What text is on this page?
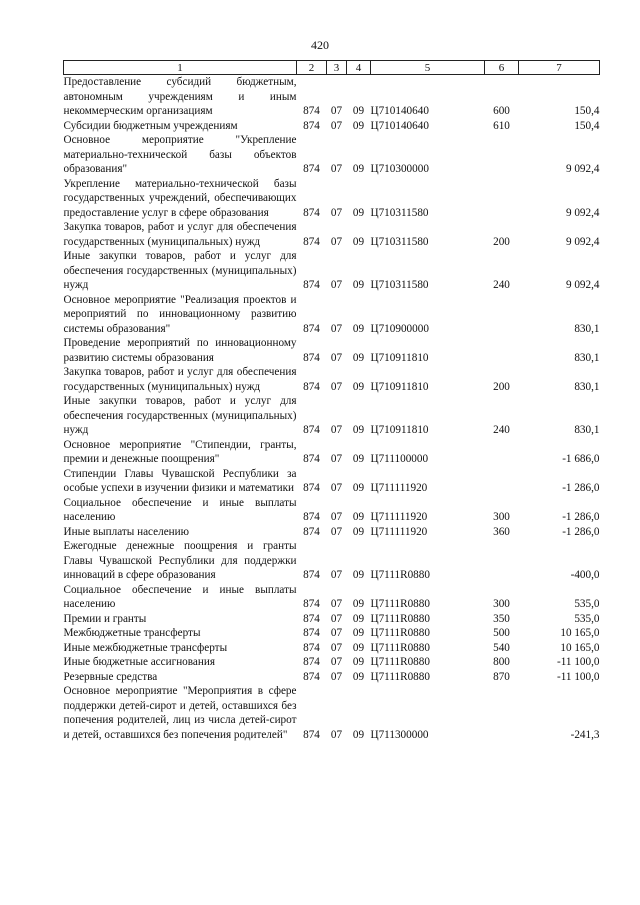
420
1	2	3	4	5	6	7
Предоставление субсидий бюджетным, автономным учреждениям и иным некоммерческим организациям	874	07	09	Ц710140640	600	150,4
Субсидии бюджетным учреждениям	874	07	09	Ц710140640	610	150,4
Основное мероприятие "Укрепление материально-технической базы объектов образования"	874	07	09	Ц710300000		9 092,4
Укрепление материально-технической базы государственных учреждений, обеспечивающих предоставление услуг в сфере образования	874	07	09	Ц710311580		9 092,4
Закупка товаров, работ и услуг для обеспечения государственных (муниципальных) нужд	874	07	09	Ц710311580	200	9 092,4
Иные закупки товаров, работ и услуг для обеспечения государственных (муниципальных) нужд	874	07	09	Ц710311580	240	9 092,4
Основное мероприятие "Реализация проектов и мероприятий по инновационному развитию системы образования"	874	07	09	Ц710900000		830,1
Проведение мероприятий по инновационному развитию системы образования	874	07	09	Ц710911810		830,1
Закупка товаров, работ и услуг для обеспечения государственных (муниципальных) нужд	874	07	09	Ц710911810	200	830,1
Иные закупки товаров, работ и услуг для обеспечения государственных (муниципальных) нужд	874	07	09	Ц710911810	240	830,1
Основное мероприятие "Стипендии, гранты, премии и денежные поощрения"	874	07	09	Ц711100000		-1 686,0
Стипендии Главы Чувашской Республики за особые успехи в изучении физики и математики	874	07	09	Ц711111920		-1 286,0
Социальное обеспечение и иные выплаты населению	874	07	09	Ц711111920	300	-1 286,0
Иные выплаты населению	874	07	09	Ц711111920	360	-1 286,0
Ежегодные денежные поощрения и гранты Главы Чувашской Республики для поддержки инноваций в сфере образования	874	07	09	Ц7111R0880		-400,0
Социальное обеспечение и иные выплаты населению	874	07	09	Ц7111R0880	300	535,0
Премии и гранты	874	07	09	Ц7111R0880	350	535,0
Межбюджетные трансферты	874	07	09	Ц7111R0880	500	10 165,0
Иные межбюджетные трансферты	874	07	09	Ц7111R0880	540	10 165,0
Иные бюджетные ассигнования	874	07	09	Ц7111R0880	800	-11 100,0
Резервные средства	874	07	09	Ц7111R0880	870	-11 100,0
Основное мероприятие "Мероприятия в сфере поддержки детей-сирот и детей, оставшихся без попечения родителей, лиц из числа детей-сирот и детей, оставшихся без попечения родителей"	874	07	09	Ц711300000		-241,3
